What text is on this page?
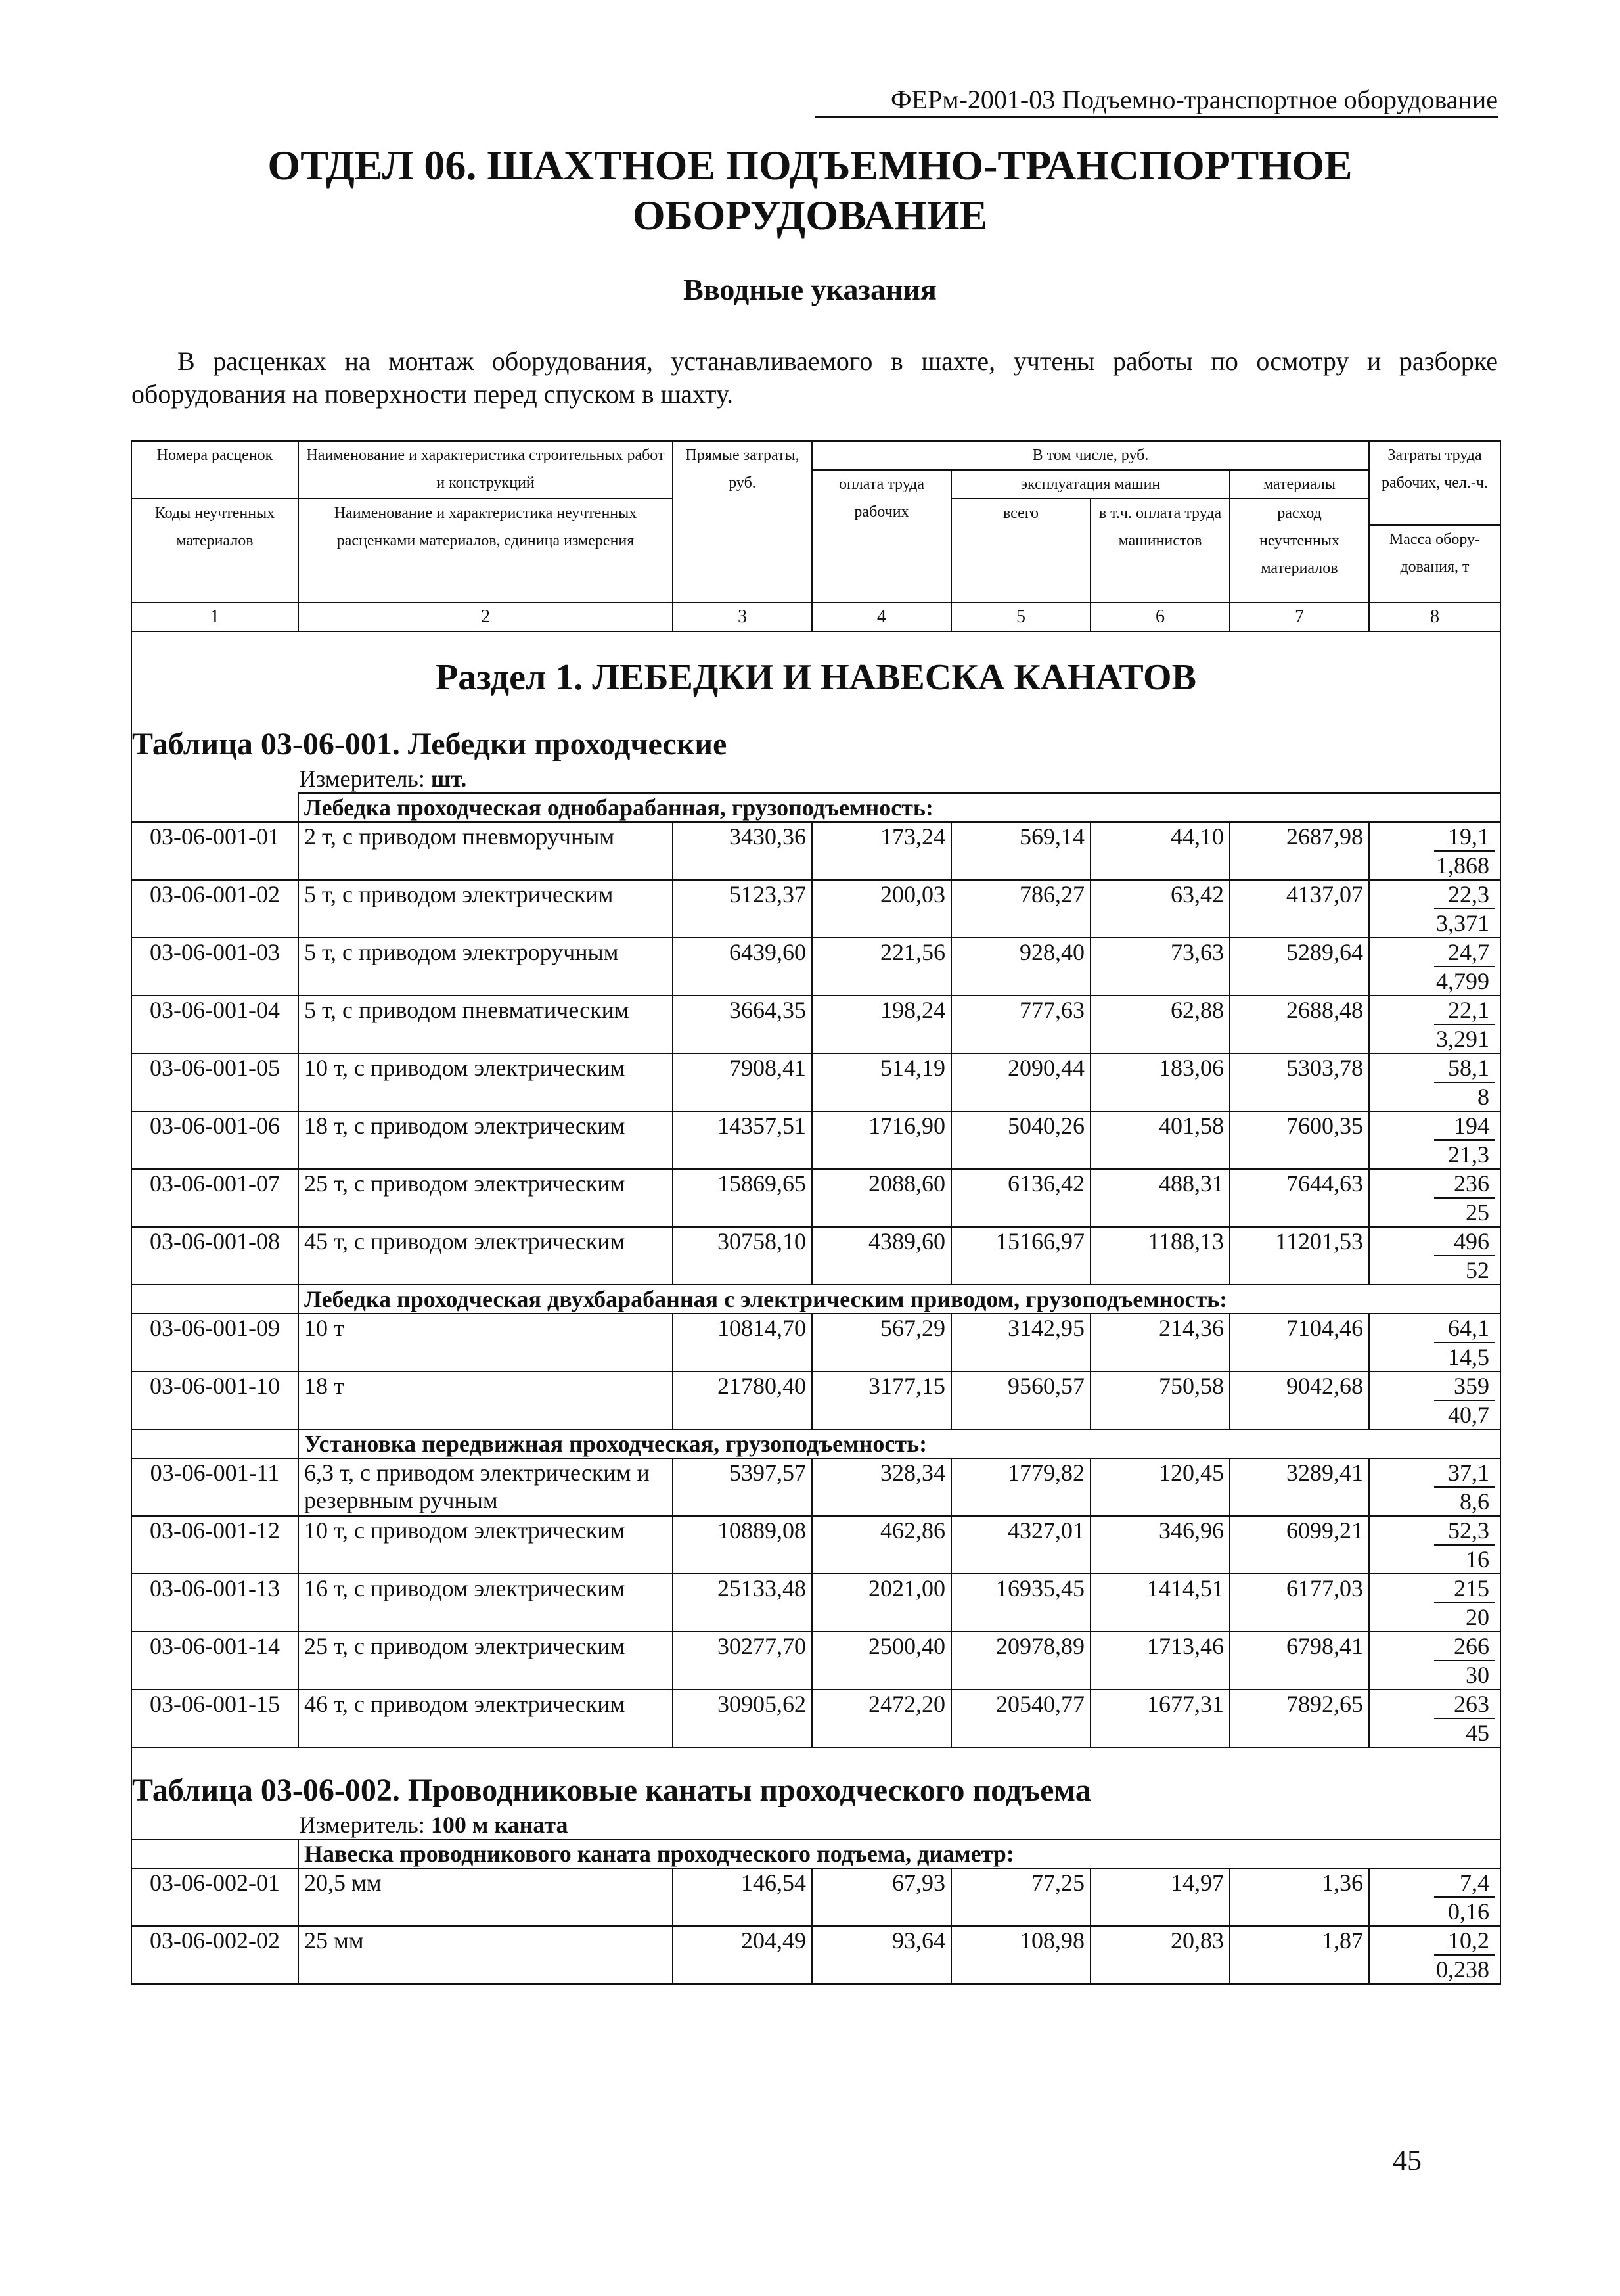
ФЕРм-2001-03 Подъемно-транспортное оборудование
ОТДЕЛ 06. ШАХТНОЕ ПОДЪЕМНО-ТРАНСПОРТНОЕ
ОБОРУДОВАНИЕ
Вводные указания
В расценках на монтаж оборудования, устанавливаемого в шахте, учтены работы по осмотру и разборке оборудования на поверхности перед спуском в шахту.
Номера расценок	Наименование и характеристика строительных работ и конструкций	Прямые затраты, руб.	В том числе, руб.				Затраты труда рабочих, чел.-ч.
			оплата труда рабочих	эксплуатация машин		материалы	
Коды неучтенных материалов	Наименование и характеристика неучтенных расценками материалов, единица измерения			всего	в т.ч. оплата труда машинистов	расход неучтенных материалов	
							Масса обору-дования, т
1	2	3	4	5	6	7	8

Раздел 1. ЛЕБЕДКИ И НАВЕСКА КАНАТОВ
Таблица 03-06-001. Лебедки проходческие
Измеритель: шт.							

	Лебедка проходческая однобарабанная, грузоподъемность:						
03-06-001-01	2 т, с приводом пневморучным	3430,36	173,24	569,14	44,10	2687,98	19,1
1,868

03-06-001-02	5 т, с приводом электрическим	5123,37	200,03	786,27	63,42	4137,07	22,3
3,371

03-06-001-03	5 т, с приводом электроручным	6439,60	221,56	928,40	73,63	5289,64	24,7
4,799

03-06-001-04	5 т, с приводом пневматическим	3664,35	198,24	777,63	62,88	2688,48	22,1
3,291

03-06-001-05	10 т, с приводом электрическим	7908,41	514,19	2090,44	183,06	5303,78	58,1
8

03-06-001-06	18 т, с приводом электрическим	14357,51	1716,90	5040,26	401,58	7600,35	194
21,3

03-06-001-07	25 т, с приводом электрическим	15869,65	2088,60	6136,42	488,31	7644,63	236
25

03-06-001-08	45 т, с приводом электрическим	30758,10	4389,60	15166,97	1188,13	11201,53	496
52

	Лебедка проходческая двухбарабанная с электрическим приводом, грузоподъемность:						
03-06-001-09	10 т	10814,70	567,29	3142,95	214,36	7104,46	64,1
14,5

03-06-001-10	18 т	21780,40	3177,15	9560,57	750,58	9042,68	359
40,7

	Установка передвижная проходческая, грузоподъемность:						
03-06-001-11	6,3 т, с приводом электрическим и резервным ручным	5397,57	328,34	1779,82	120,45	3289,41	37,1
8,6

03-06-001-12	10 т, с приводом электрическим	10889,08	462,86	4327,01	346,96	6099,21	52,3
16

03-06-001-13	16 т, с приводом электрическим	25133,48	2021,00	16935,45	1414,51	6177,03	215
20

03-06-001-14	25 т, с приводом электрическим	30277,70	2500,40	20978,89	1713,46	6798,41	266
30

03-06-001-15	46 т, с приводом электрическим	30905,62	2472,20	20540,77	1677,31	7892,65	263
45

Таблица 03-06-002. Проводниковые канаты проходческого подъема
Измеритель: 100 м каната							

	Навеска проводникового каната проходческого подъема, диаметр:						
03-06-002-01	20,5 мм	146,54	67,93	77,25	14,97	1,36	7,4
0,16

03-06-002-02	25 мм	204,49	93,64	108,98	20,83	1,87	10,2
0,238
45
